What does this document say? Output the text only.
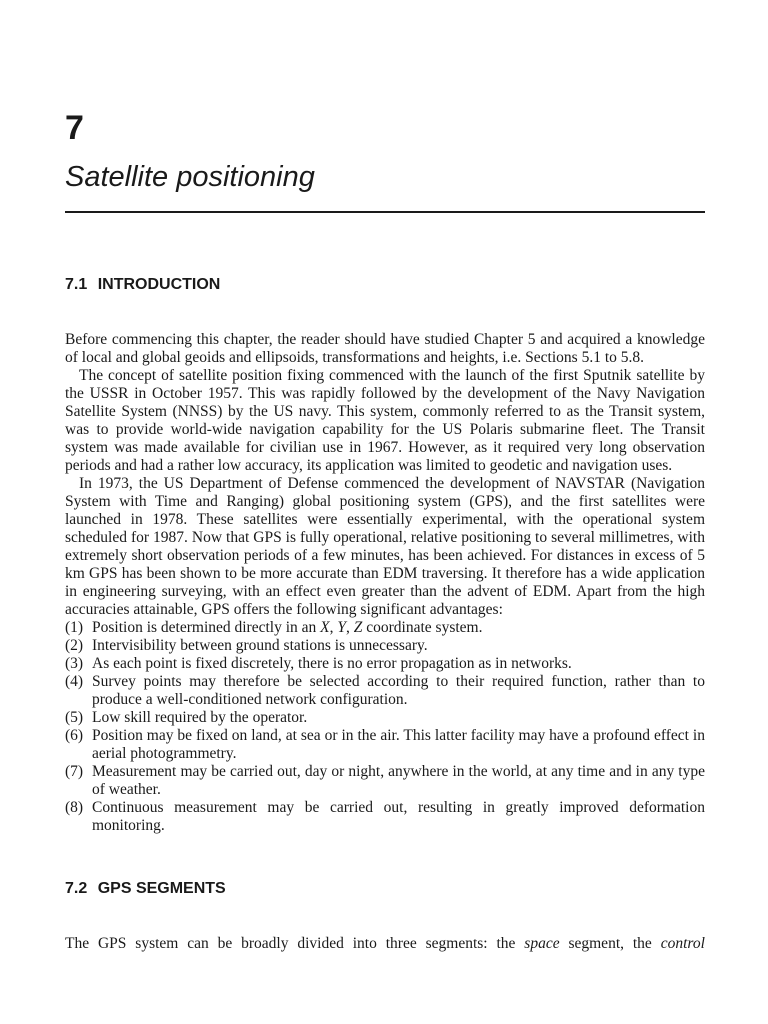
7
Satellite positioning
7.1 INTRODUCTION

Before commencing this chapter, the reader should have studied Chapter 5 and acquired a knowledge of local and global geoids and ellipsoids, transformations and heights, i.e. Sections 5.1 to 5.8.

The concept of satellite position fixing commenced with the launch of the first Sputnik satellite by the USSR in October 1957. This was rapidly followed by the development of the Navy Navigation Satellite System (NNSS) by the US navy. This system, commonly referred to as the Transit system, was to provide world-wide navigation capability for the US Polaris submarine fleet. The Transit system was made available for civilian use in 1967. However, as it required very long observation periods and had a rather low accuracy, its application was limited to geodetic and navigation uses.

In 1973, the US Department of Defense commenced the development of NAVSTAR (Navigation System with Time and Ranging) global positioning system (GPS), and the first satellites were launched in 1978. These satellites were essentially experimental, with the operational system scheduled for 1987. Now that GPS is fully operational, relative positioning to several millimetres, with extremely short observation periods of a few minutes, has been achieved. For distances in excess of 5 km GPS has been shown to be more accurate than EDM traversing. It therefore has a wide application in engineering surveying, with an effect even greater than the advent of EDM. Apart from the high accuracies attainable, GPS offers the following significant advantages:

(1) Position is determined directly in an X, Y, Z coordinate system.
(2) Intervisibility between ground stations is unnecessary.
(3) As each point is fixed discretely, there is no error propagation as in networks.
(4) Survey points may therefore be selected according to their required function, rather than to produce a well-conditioned network configuration.
(5) Low skill required by the operator.
(6) Position may be fixed on land, at sea or in the air. This latter facility may have a profound effect in aerial photogrammetry.
(7) Measurement may be carried out, day or night, anywhere in the world, at any time and in any type of weather.
(8) Continuous measurement may be carried out, resulting in greatly improved deformation monitoring.
7.2 GPS SEGMENTS
The GPS system can be broadly divided into three segments: the space segment, the control
